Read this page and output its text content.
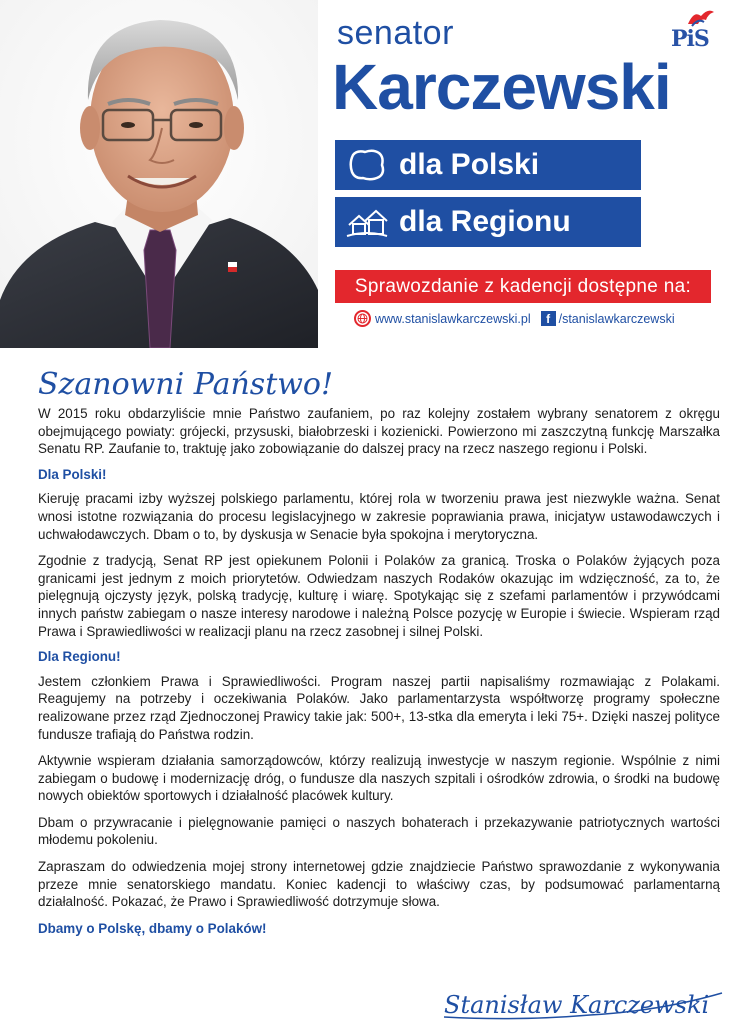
senator
Karczewski
PiS
dla Polski
dla Regionu
Sprawozdanie z kadencji dostępne na:
www.stanislawkarczewski.pl	f /stanislawkarczewski
Szanowni Państwo!

W 2015 roku obdarzyliście mnie Państwo zaufaniem, po raz kolejny zostałem wybrany senatorem z okręgu obejmującego powiaty: grójecki, przysuski, białobrzeski i kozienicki. Powierzono mi zaszczytną funkcję Marszałka Senatu RP. Zaufanie to, traktuję jako zobowiązanie do dalszej pracy na rzecz naszego regionu i Polski.

Dla Polski!

Kieruję pracami izby wyższej polskiego parlamentu, której rola w tworzeniu prawa jest niezwykle ważna. Senat wnosi istotne rozwiązania do procesu legislacyjnego w zakresie poprawiania prawa, inicjatyw ustawodawczych i uchwałodawczych. Dbam o to, by dyskusja w Senacie była spokojna i merytoryczna.

Zgodnie z tradycją, Senat RP jest opiekunem Polonii i Polaków za granicą. Troska o Polaków żyjących poza granicami jest jednym z moich priorytetów. Odwiedzam naszych Rodaków okazując im wdzięczność, za to, że pielęgnują ojczysty język, polską tradycję, kulturę i wiarę. Spotykając się z szefami parlamentów i przywódcami innych państw zabiegam o nasze interesy narodowe i należną Polsce pozycję w Europie i świecie. Wspieram rząd Prawa i Sprawiedliwości w realizacji planu na rzecz zasobnej i silnej Polski.

Dla Regionu!

Jestem członkiem Prawa i Sprawiedliwości. Program naszej partii napisaliśmy rozmawiając z Polakami. Reagujemy na potrzeby i oczekiwania Polaków. Jako parlamentarzysta współtworzę programy społeczne realizowane przez rząd Zjednoczonej Prawicy takie jak: 500+, 13-stka dla emeryta i leki 75+. Dzięki naszej polityce fundusze trafiają do Państwa rodzin.

Aktywnie wspieram działania samorządowców, którzy realizują inwestycje w naszym regionie. Wspólnie z nimi zabiegam o budowę i modernizację dróg, o fundusze dla naszych szpitali i ośrodków zdrowia, o środki na budowę nowych obiektów sportowych i działalność placówek kultury.

Dbam o przywracanie i pielęgnowanie pamięci o naszych bohaterach i przekazywanie patriotycznych wartości młodemu pokoleniu.

Zapraszam do odwiedzenia mojej strony internetowej gdzie znajdziecie Państwo sprawozdanie z wykonywania przeze mnie senatorskiego mandatu. Koniec kadencji to właściwy czas, by podsumować parlamentarną działalność. Pokazać, że Prawo i Sprawiedliwość dotrzymuje słowa.

Dbamy o Polskę, dbamy o Polaków!
Stanisław Karczewski
